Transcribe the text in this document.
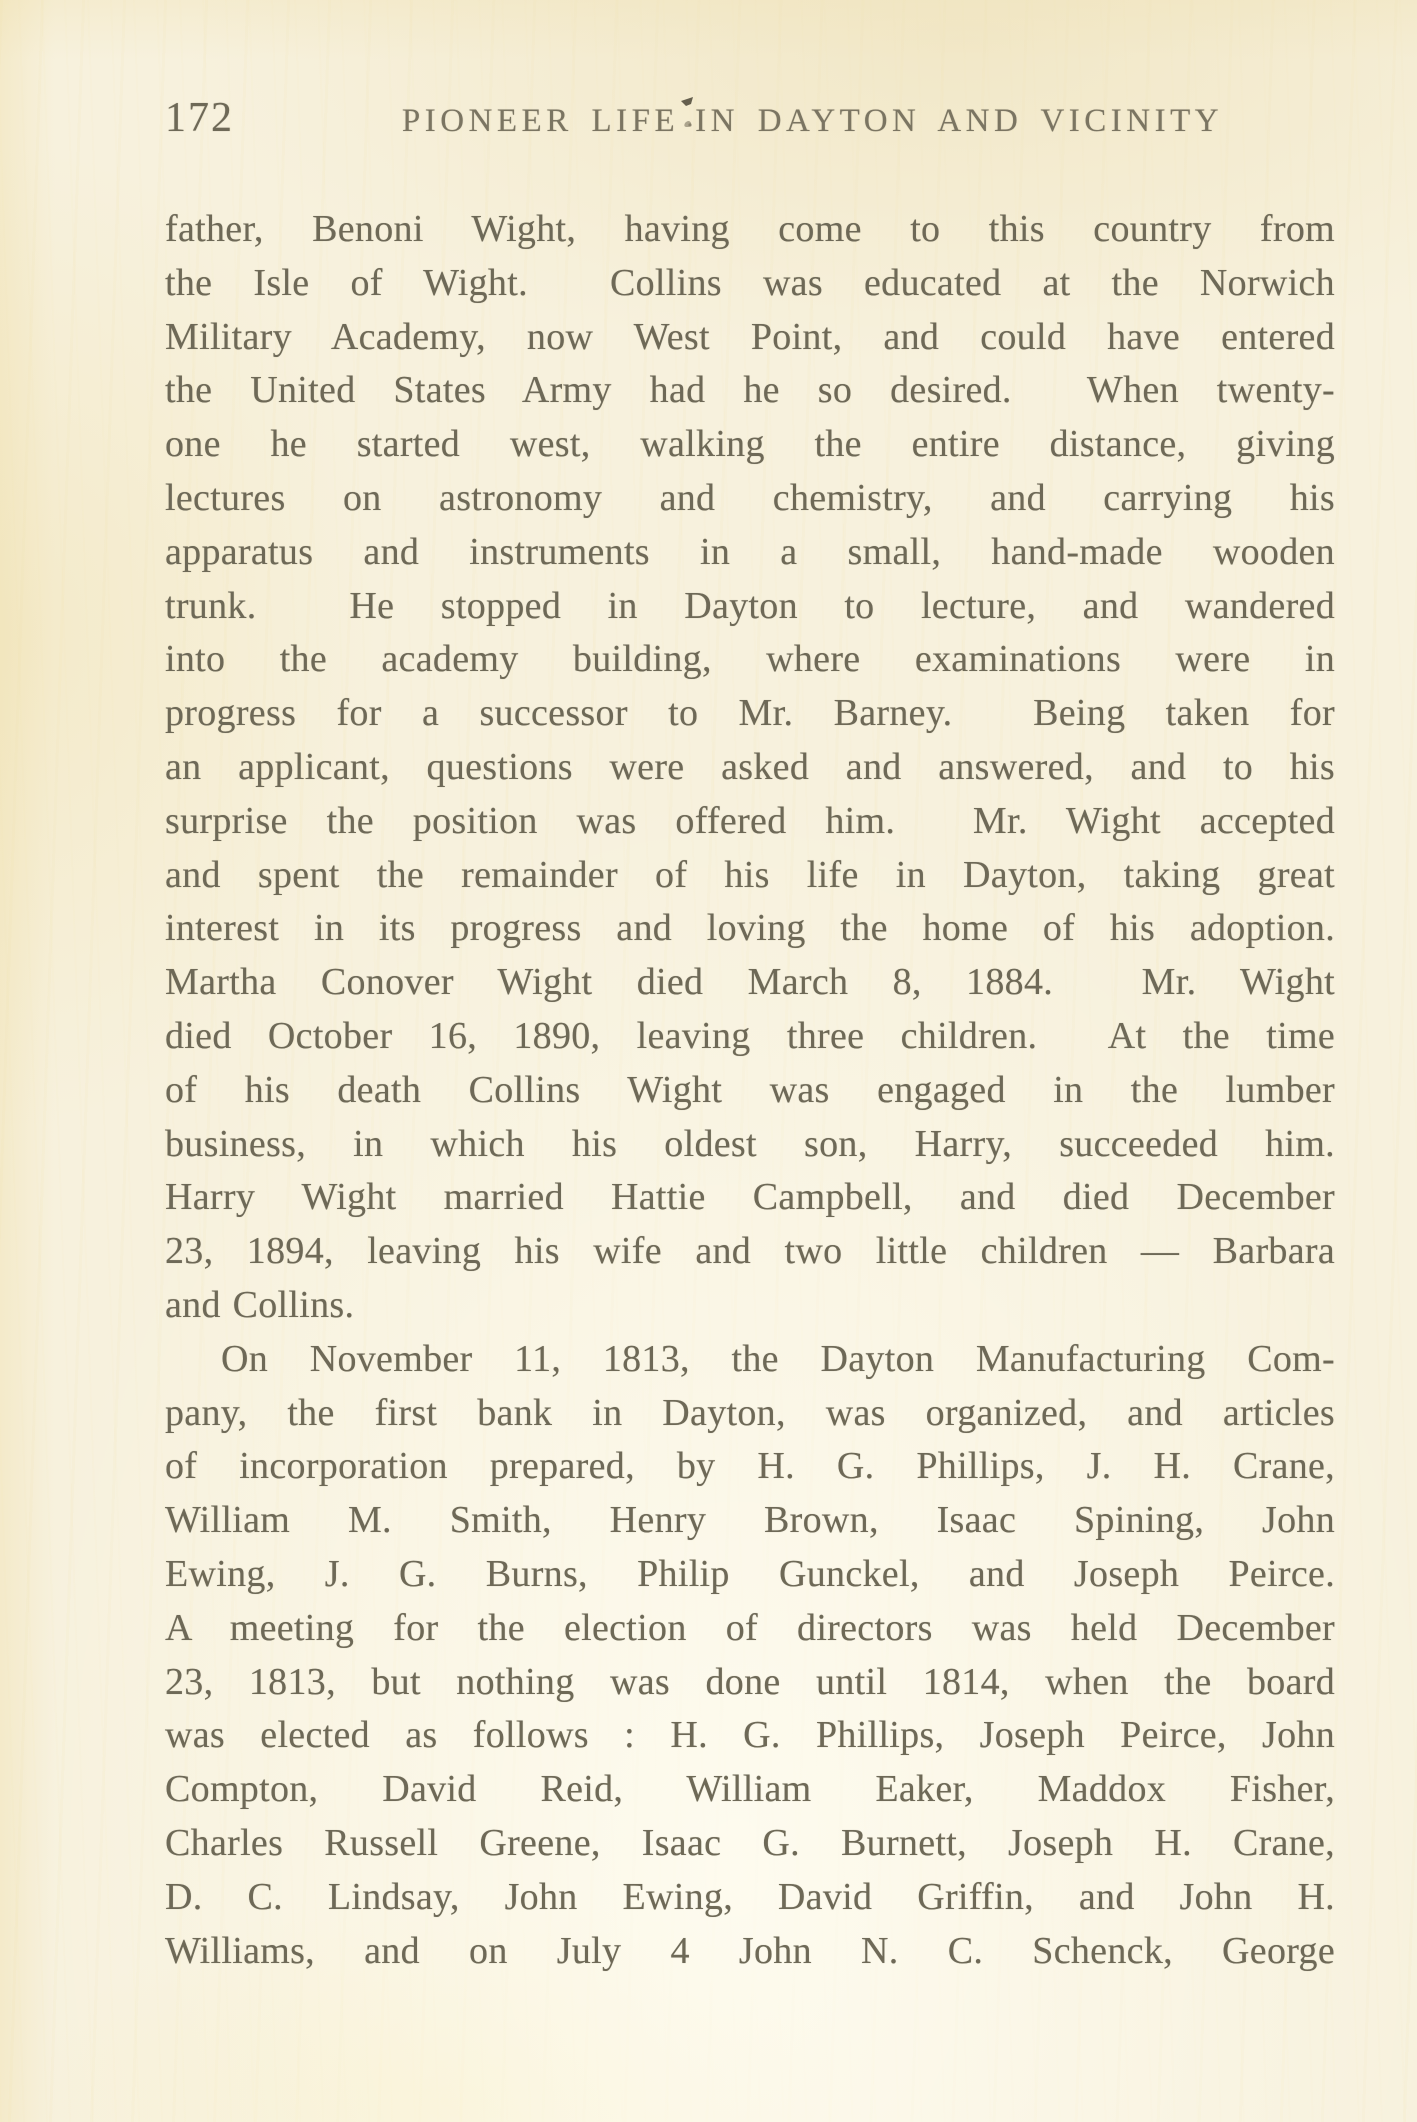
172	PIONEER LIFE IN DAYTON AND VICINITY
father, Benoni Wight, having come to this country from
the Isle of Wight.  Collins was educated at the Norwich
Military Academy, now West Point, and could have entered
the United States Army had he so desired.  When twenty-
one he started west, walking the entire distance, giving
lectures on astronomy and chemistry, and carrying his
apparatus and instruments in a small, hand-made wooden
trunk.  He stopped in Dayton to lecture, and wandered
into the academy building, where examinations were in
progress for a successor to Mr. Barney.  Being taken for
an applicant, questions were asked and answered, and to his
surprise the position was offered him.  Mr. Wight accepted
and spent the remainder of his life in Dayton, taking great
interest in its progress and loving the home of his adoption.
Martha Conover Wight died March 8, 1884.  Mr. Wight
died October 16, 1890, leaving three children.  At the time
of his death Collins Wight was engaged in the lumber
business, in which his oldest son, Harry, succeeded him.
Harry Wight married Hattie Campbell, and died December
23, 1894, leaving his wife and two little children — Barbara
and Collins.
On November 11, 1813, the Dayton Manufacturing Com-
pany, the first bank in Dayton, was organized, and articles
of incorporation prepared, by H. G. Phillips, J. H. Crane,
William M. Smith, Henry Brown, Isaac Spining, John
Ewing, J. G. Burns, Philip Gunckel, and Joseph Peirce.
A meeting for the election of directors was held December
23, 1813, but nothing was done until 1814, when the board
was elected as follows : H. G. Phillips, Joseph Peirce, John
Compton, David Reid, William Eaker, Maddox Fisher,
Charles Russell Greene, Isaac G. Burnett, Joseph H. Crane,
D. C. Lindsay, John Ewing, David Griffin, and John H.
Williams, and on July 4 John N. C. Schenck, George
